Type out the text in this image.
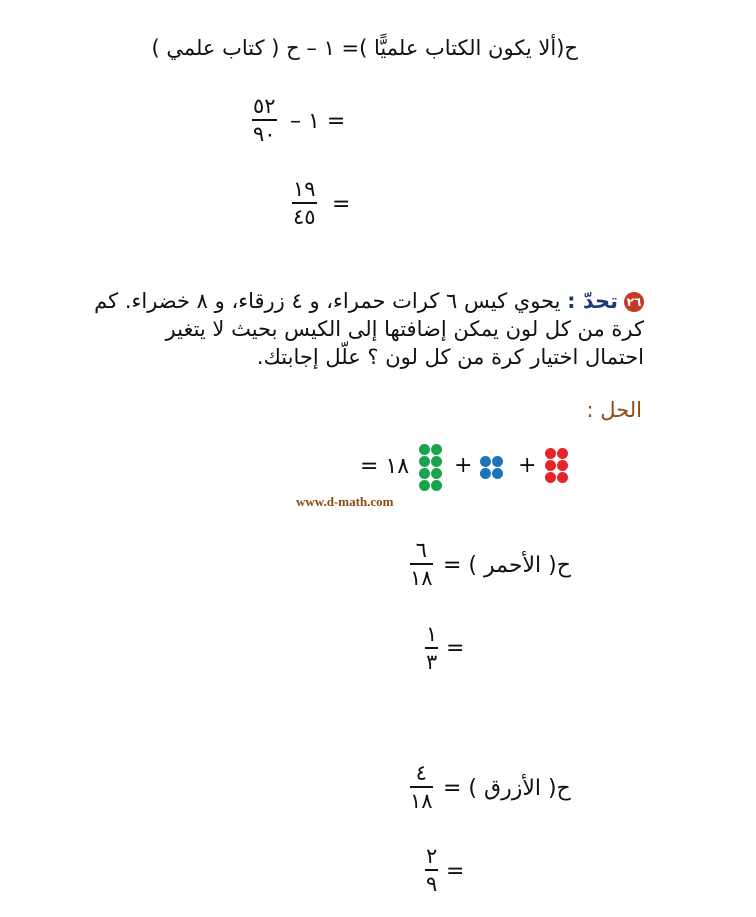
ح(ألا يكون الكتاب علميًّا )= ١ – ح ( كتاب علمي )
= ١ –
٥٢
٩٠
=
١٩
٤٥
٢٦تحدّ : يحوي كيس ٦ كرات حمراء، و ٤ زرقاء، و ٨ خضراء. كم
كرة من كل لون يمكن إضافتها إلى الكيس بحيث لا يتغير
احتمال اختيار كرة من كل لون ؟ علّل إجابتك.
الحل :
١٨ = + +
www.d-math.com
ح( الأحمر ) =
٦
١٨
=
١
٣
ح( الأزرق ) =
٤
١٨
=
٢
٩
